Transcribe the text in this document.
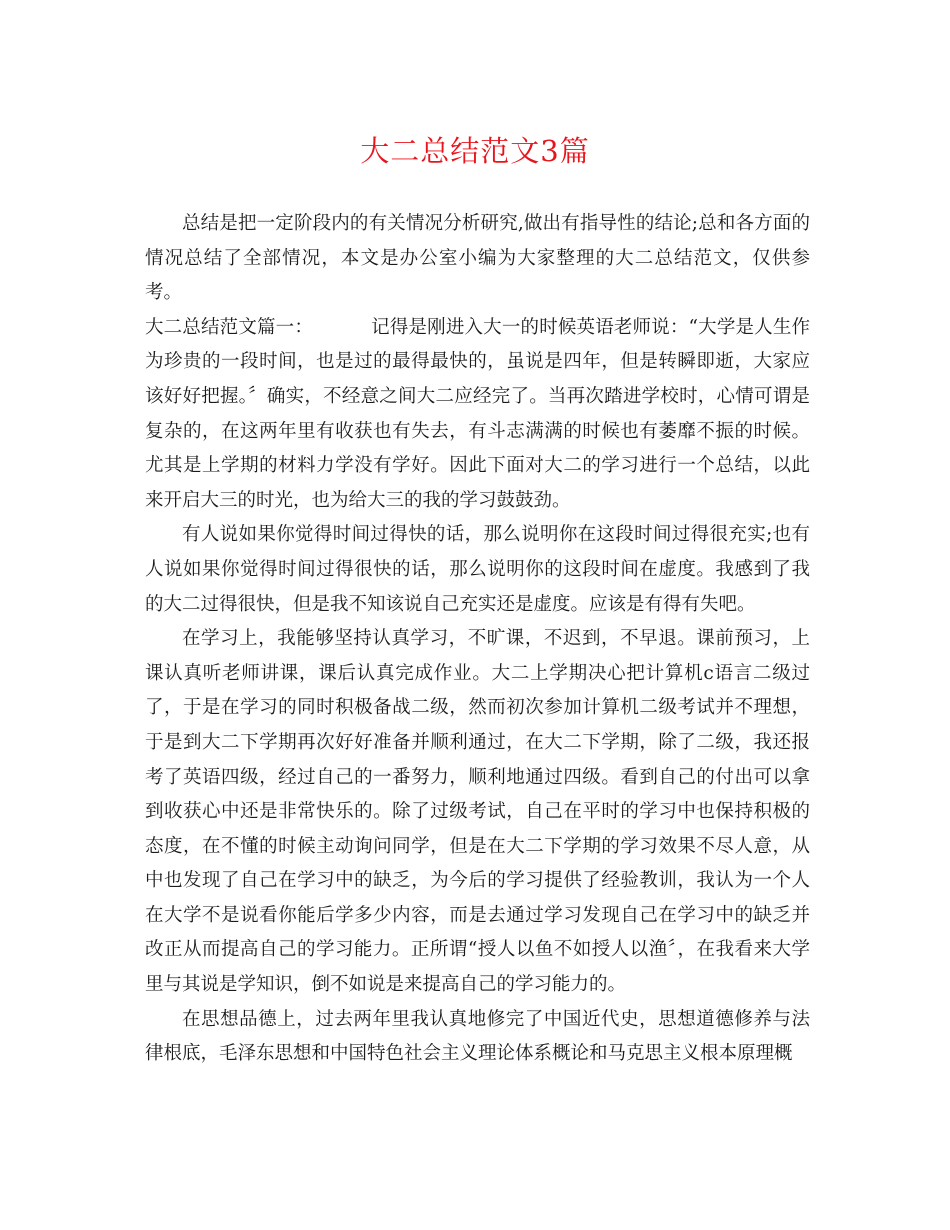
大二总结范文3篇

总结是把一定阶段内的有关情况分析研究,做出有指导性的结论;总和各方面的情况总结了全部情况，本文是办公室小编为大家整理的大二总结范文，仅供参考。

大二总结范文篇一：	记得是刚进入大一的时候英语老师说：“大学是人生作为珍贵的一段时间，也是过的最得最快的，虽说是四年，但是转瞬即逝，大家应该好好把握。〞确实，不经意之间大二应经完了。当再次踏进学校时，心情可谓是复杂的，在这两年里有收获也有失去，有斗志满满的时候也有萎靡不振的时候。尤其是上学期的材料力学没有学好。因此下面对大二的学习进行一个总结，以此来开启大三的时光，也为给大三的我的学习鼓鼓劲。

有人说如果你觉得时间过得快的话，那么说明你在这段时间过得很充实;也有人说如果你觉得时间过得很快的话，那么说明你的这段时间在虚度。我感到了我的大二过得很快，但是我不知该说自己充实还是虚度。应该是有得有失吧。

在学习上，我能够坚持认真学习，不旷课，不迟到，不早退。课前预习，上课认真听老师讲课，课后认真完成作业。大二上学期决心把计算机c语言二级过了，于是在学习的同时积极备战二级，然而初次参加计算机二级考试并不理想，于是到大二下学期再次好好准备并顺利通过，在大二下学期，除了二级，我还报考了英语四级，经过自己的一番努力，顺利地通过四级。看到自己的付出可以拿到收获心中还是非常快乐的。除了过级考试，自己在平时的学习中也保持积极的态度，在不懂的时候主动询问同学，但是在大二下学期的学习效果不尽人意，从中也发现了自己在学习中的缺乏，为今后的学习提供了经验教训，我认为一个人在大学不是说看你能后学多少内容，而是去通过学习发现自己在学习中的缺乏并改正从而提高自己的学习能力。正所谓“授人以鱼不如授人以渔〞，在我看来大学里与其说是学知识，倒不如说是来提高自己的学习能力的。

在思想品德上，过去两年里我认真地修完了中国近代史，思想道德修养与法律根底，毛泽东思想和中国特色社会主义理论体系概论和马克思主义根本原理概
